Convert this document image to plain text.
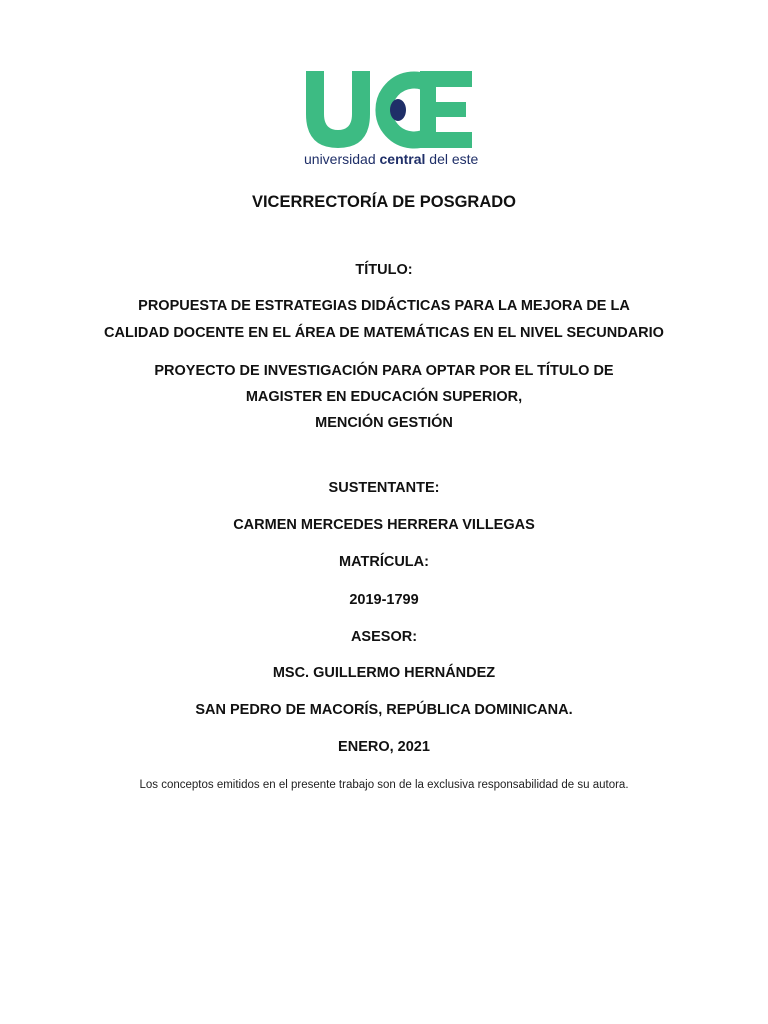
universidad central del este
VICERRECTORÍA DE POSGRADO
TÍTULO:
PROPUESTA DE ESTRATEGIAS DIDÁCTICAS PARA LA MEJORA DE LA
CALIDAD DOCENTE EN EL ÁREA DE MATEMÁTICAS EN EL NIVEL SECUNDARIO
PROYECTO DE INVESTIGACIÓN PARA OPTAR POR EL TÍTULO DE
MAGISTER EN EDUCACIÓN SUPERIOR,
MENCIÓN GESTIÓN
SUSTENTANTE:
CARMEN MERCEDES HERRERA VILLEGAS
MATRÍCULA:
2019-1799
ASESOR:
MSC. GUILLERMO HERNÁNDEZ
SAN PEDRO DE MACORÍS, REPÚBLICA DOMINICANA.
ENERO, 2021
Los conceptos emitidos en el presente trabajo son de la exclusiva responsabilidad de su autora.
